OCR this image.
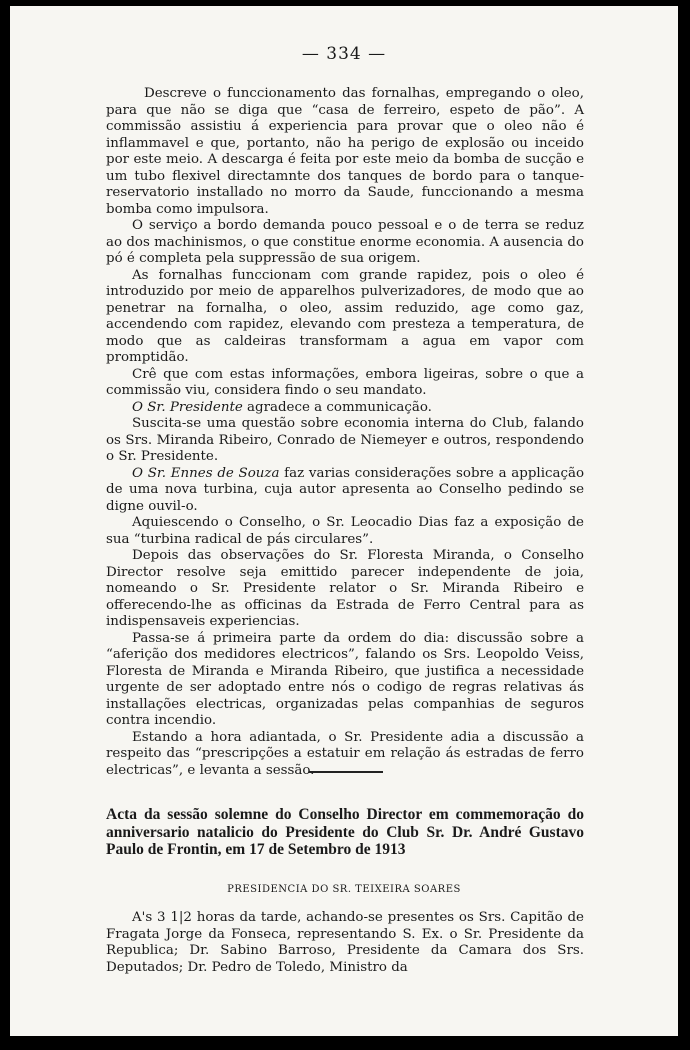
— 334 —

Descreve o funccionamento das fornalhas, empregando o oleo, para que não se diga que “casa de ferreiro, espeto de pão”. A commissão assistiu á experiencia para provar que o oleo não é inflammavel e que, portanto, não ha perigo de explosão ou inceido por este meio. A descarga é feita por este meio da bomba de sucção e um tubo flexivel directamnte dos tanques de bordo para o tanque-reservatorio installado no morro da Saude, funccionando a mesma bomba como impulsora.

O serviço a bordo demanda pouco pessoal e o de terra se reduz ao dos machinismos, o que constitue enorme economia. A ausencia do pó é completa pela suppressão de sua origem.

As fornalhas funccionam com grande rapidez, pois o oleo é introduzido por meio de apparelhos pulverizadores, de modo que ao penetrar na fornalha, o oleo, assim reduzido, age como gaz, accendendo com rapidez, elevando com presteza a temperatura, de modo que as caldeiras transformam a agua em vapor com promptidão.

Crê que com estas informações, embora ligeiras, sobre o que a commissão viu, considera findo o seu mandato.

O Sr. Presidente agradece a communicação.

Suscita-se uma questão sobre economia interna do Club, falando os Srs. Miranda Ribeiro, Conrado de Niemeyer e outros, respondendo o Sr. Presidente.

O Sr. Ennes de Souza faz varias considerações sobre a applicação de uma nova turbina, cuja autor apresenta ao Conselho pedindo se digne ouvil-o.

Aquiescendo o Conselho, o Sr. Leocadio Dias faz a exposição de sua “turbina radical de pás circulares”.

Depois das observações do Sr. Floresta Miranda, o Conselho Director resolve seja emittido parecer independente de joia, nomeando o Sr. Presidente relator o Sr. Miranda Ribeiro e offerecendo-lhe as officinas da Estrada de Ferro Central para as indispensaveis experiencias.

Passa-se á primeira parte da ordem do dia: discussão sobre a “aferição dos medidores electricos”, falando os Srs. Leopoldo Veiss, Floresta de Miranda e Miranda Ribeiro, que justifica a necessidade urgente de ser adoptado entre nós o codigo de regras relativas ás installações electricas, organizadas pelas companhias de seguros contra incendio.

Estando a hora adiantada, o Sr. Presidente adia a discussão a respeito das “prescripções a estatuir em relação ás estradas de ferro electricas”, e levanta a sessão.

Acta da sessão solemne do Conselho Director em commemoração do anniversario natalicio do Presidente do Club Sr. Dr. André Gustavo Paulo de Frontin, em 17 de Setembro de 1913
PRESIDENCIA DO SR. TEIXEIRA SOARES

A's 3 1|2 horas da tarde, achando-se presentes os Srs. Capitão de Fragata Jorge da Fonseca, representando S. Ex. o Sr. Presidente da Republica; Dr. Sabino Barroso, Presidente da Camara dos Srs. Deputados; Dr. Pedro de Toledo, Ministro da
